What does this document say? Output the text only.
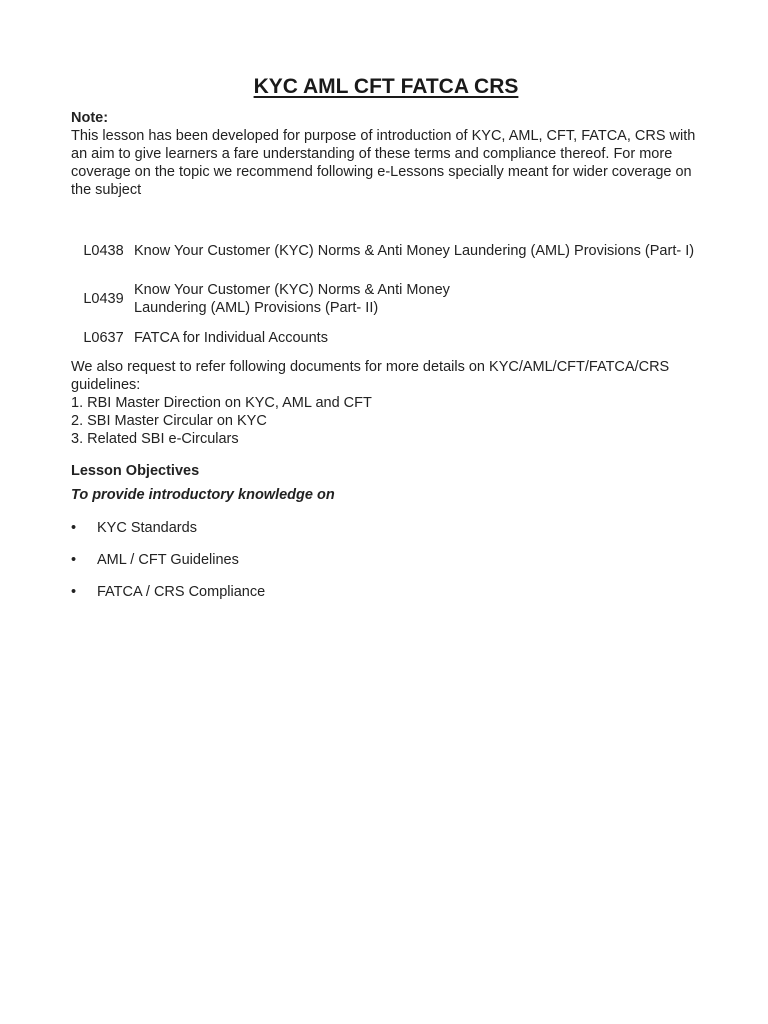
KYC AML CFT FATCA CRS

Note:

This lesson has been developed for purpose of introduction of KYC, AML, CFT, FATCA, CRS with an aim to give learners a fare understanding of these terms and compliance thereof. For more coverage on the topic we recommend following e-Lessons specially meant for wider coverage on the subject

L0438	Know Your Customer (KYC) Norms & Anti Money Laundering (AML) Provisions (Part- I)
L0439	Know Your Customer (KYC) Norms & Anti Money Laundering (AML) Provisions (Part- II)
L0637	FATCA for Individual Accounts

We also request to refer following documents for more details on KYC/AML/CFT/FATCA/CRS guidelines:

1. RBI Master Direction on KYC, AML and CFT

2. SBI Master Circular on KYC

3. Related SBI e-Circulars

Lesson Objectives

To provide introductory knowledge on

• KYC Standards
• AML / CFT Guidelines
• FATCA / CRS Compliance
